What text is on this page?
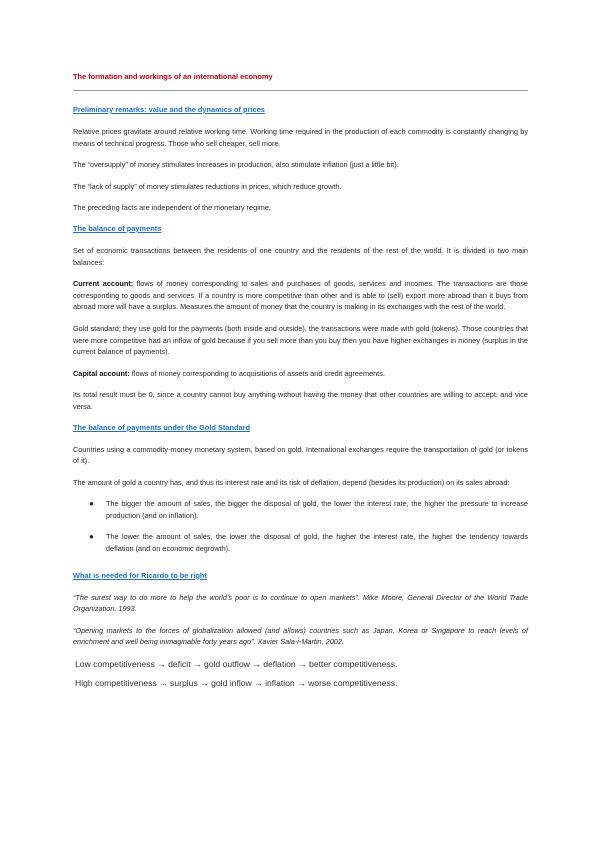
The formation and workings of an international economy
Preliminary remarks: value and the dynamics of prices

Relative prices gravitate around relative working time. Working time required in the production of each commodity is constantly changing by means of technical progress. Those who sell cheaper, sell more.

The “oversupply” of money stimulates increases in production, also stimulate inflation (just a little bit).

The “lack of supply” of money stimulates reductions in prices, which reduce growth.

The preceding facts are independent of the monetary regime.

The balance of payments

Set of economic transactions between the residents of one country and the residents of the rest of the world. It is divided in two main balances:

Current account: flows of money corresponding to sales and purchases of goods, services and incomes. The transactions are those corresponding to goods and services. If a country is more competitive than other and is able to (sell) export more abroad than it buys from abroad more will have a surplus. Measures the amount of money that the country is making in its exchanges with the rest of the world.

Gold standard; they use gold for the payments (both inside and outside), the transactions were made with gold (tokens). Those countries that were more competitive had an inflow of gold because if you sell more than you buy then you have higher exchanges in money (surplus in the current balance of payments).

Capital account: flows of money corresponding to acquisitions of assets and credit agreements.

Its total result must be 0, since a country cannot buy anything without having the money that other countries are willing to accept; and vice versa.

The balance of payments under the Gold Standard

Countries using a commodity-money monetary system, based on gold. International exchanges require the transportation of gold (or tokens of it).

The amount of gold a country has, and thus its interest rate and its risk of deflation, depend (besides its production) on its sales abroad:

● The bigger the amount of sales, the bigger the disposal of gold, the lower the interest rate, the higher the pressure to increase production (and on inflation).
● The lower the amount of sales, the lower the disposal of gold, the higher the interest rate, the higher the tendency towards deflation (and on economic degrowth).
What is needed for Ricardo to be right

“The surest way to do more to help the world’s poor is to continue to open markets”. Mike Moore, General Director of the World Trade Organization, 1993.

“Opening markets to the forces of globalization allowed (and allows) countries such as Japan, Korea or Singapore to reach levels of enrichment and well being inimaginable forty years ago”. Xavier Sala-i-Martin, 2002.

Low competitiveness → deficit → gold outflow → deflation → better competitiveness.
High competitiveness → surplus → gold inflow → inflation → worse competitiveness.
